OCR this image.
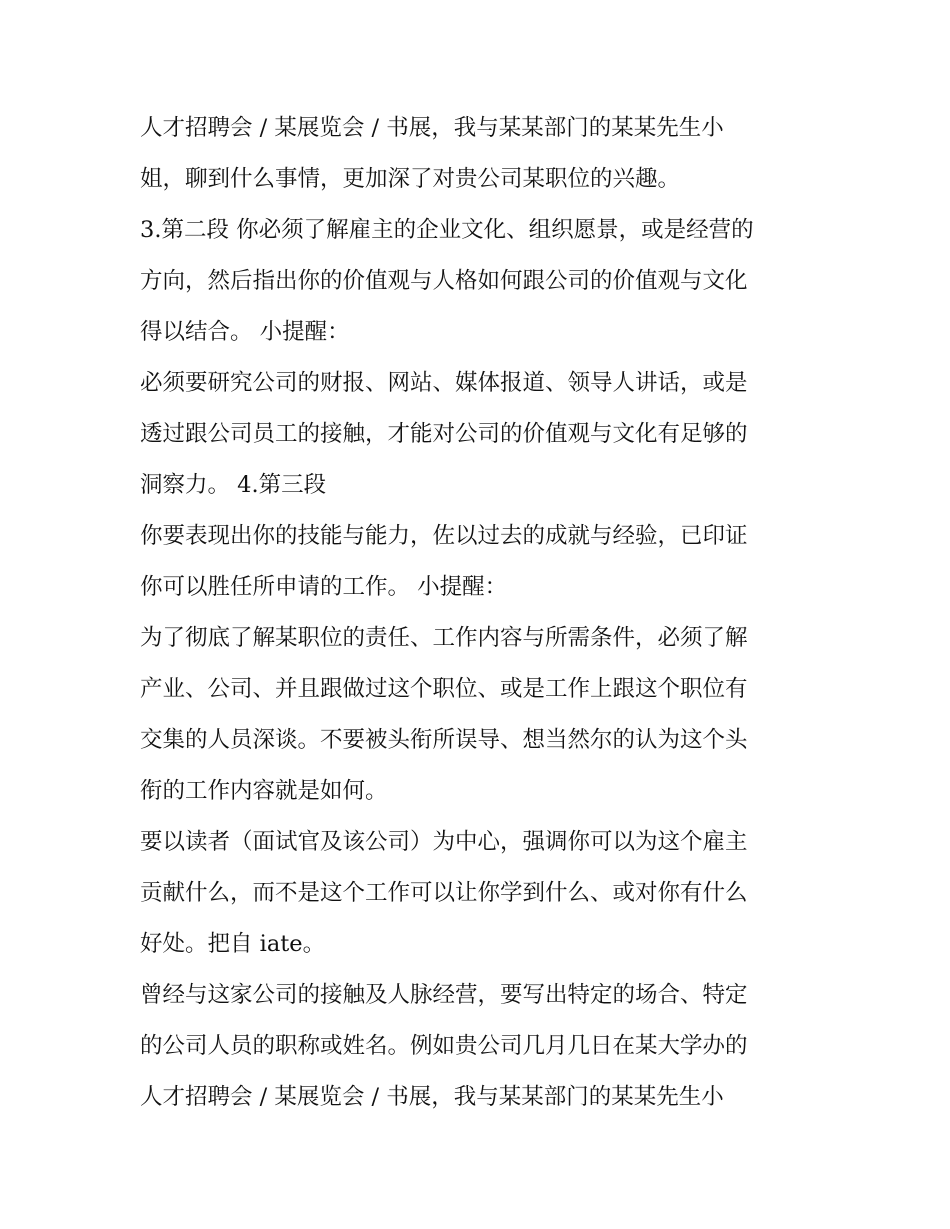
人才招聘会 / 某展览会 / 书展，我与某某部门的某某先生小
姐，聊到什么事情，更加深了对贵公司某职位的兴趣。
3.第二段 你必须了解雇主的企业文化、组织愿景，或是经营的
方向，然后指出你的价值观与人格如何跟公司的价值观与文化
得以结合。 小提醒：
必须要研究公司的财报、网站、媒体报道、领导人讲话，或是
透过跟公司员工的接触，才能对公司的价值观与文化有足够的
洞察力。 4.第三段
你要表现出你的技能与能力，佐以过去的成就与经验，已印证
你可以胜任所申请的工作。 小提醒：
为了彻底了解某职位的责任、工作内容与所需条件，必须了解
产业、公司、并且跟做过这个职位、或是工作上跟这个职位有
交集的人员深谈。不要被头衔所误导、想当然尔的认为这个头
衔的工作内容就是如何。
要以读者（面试官及该公司）为中心，强调你可以为这个雇主
贡献什么，而不是这个工作可以让你学到什么、或对你有什么
好处。把自 iate。
曾经与这家公司的接触及人脉经营，要写出特定的场合、特定
的公司人员的职称或姓名。例如贵公司几月几日在某大学办的
人才招聘会 / 某展览会 / 书展，我与某某部门的某某先生小
